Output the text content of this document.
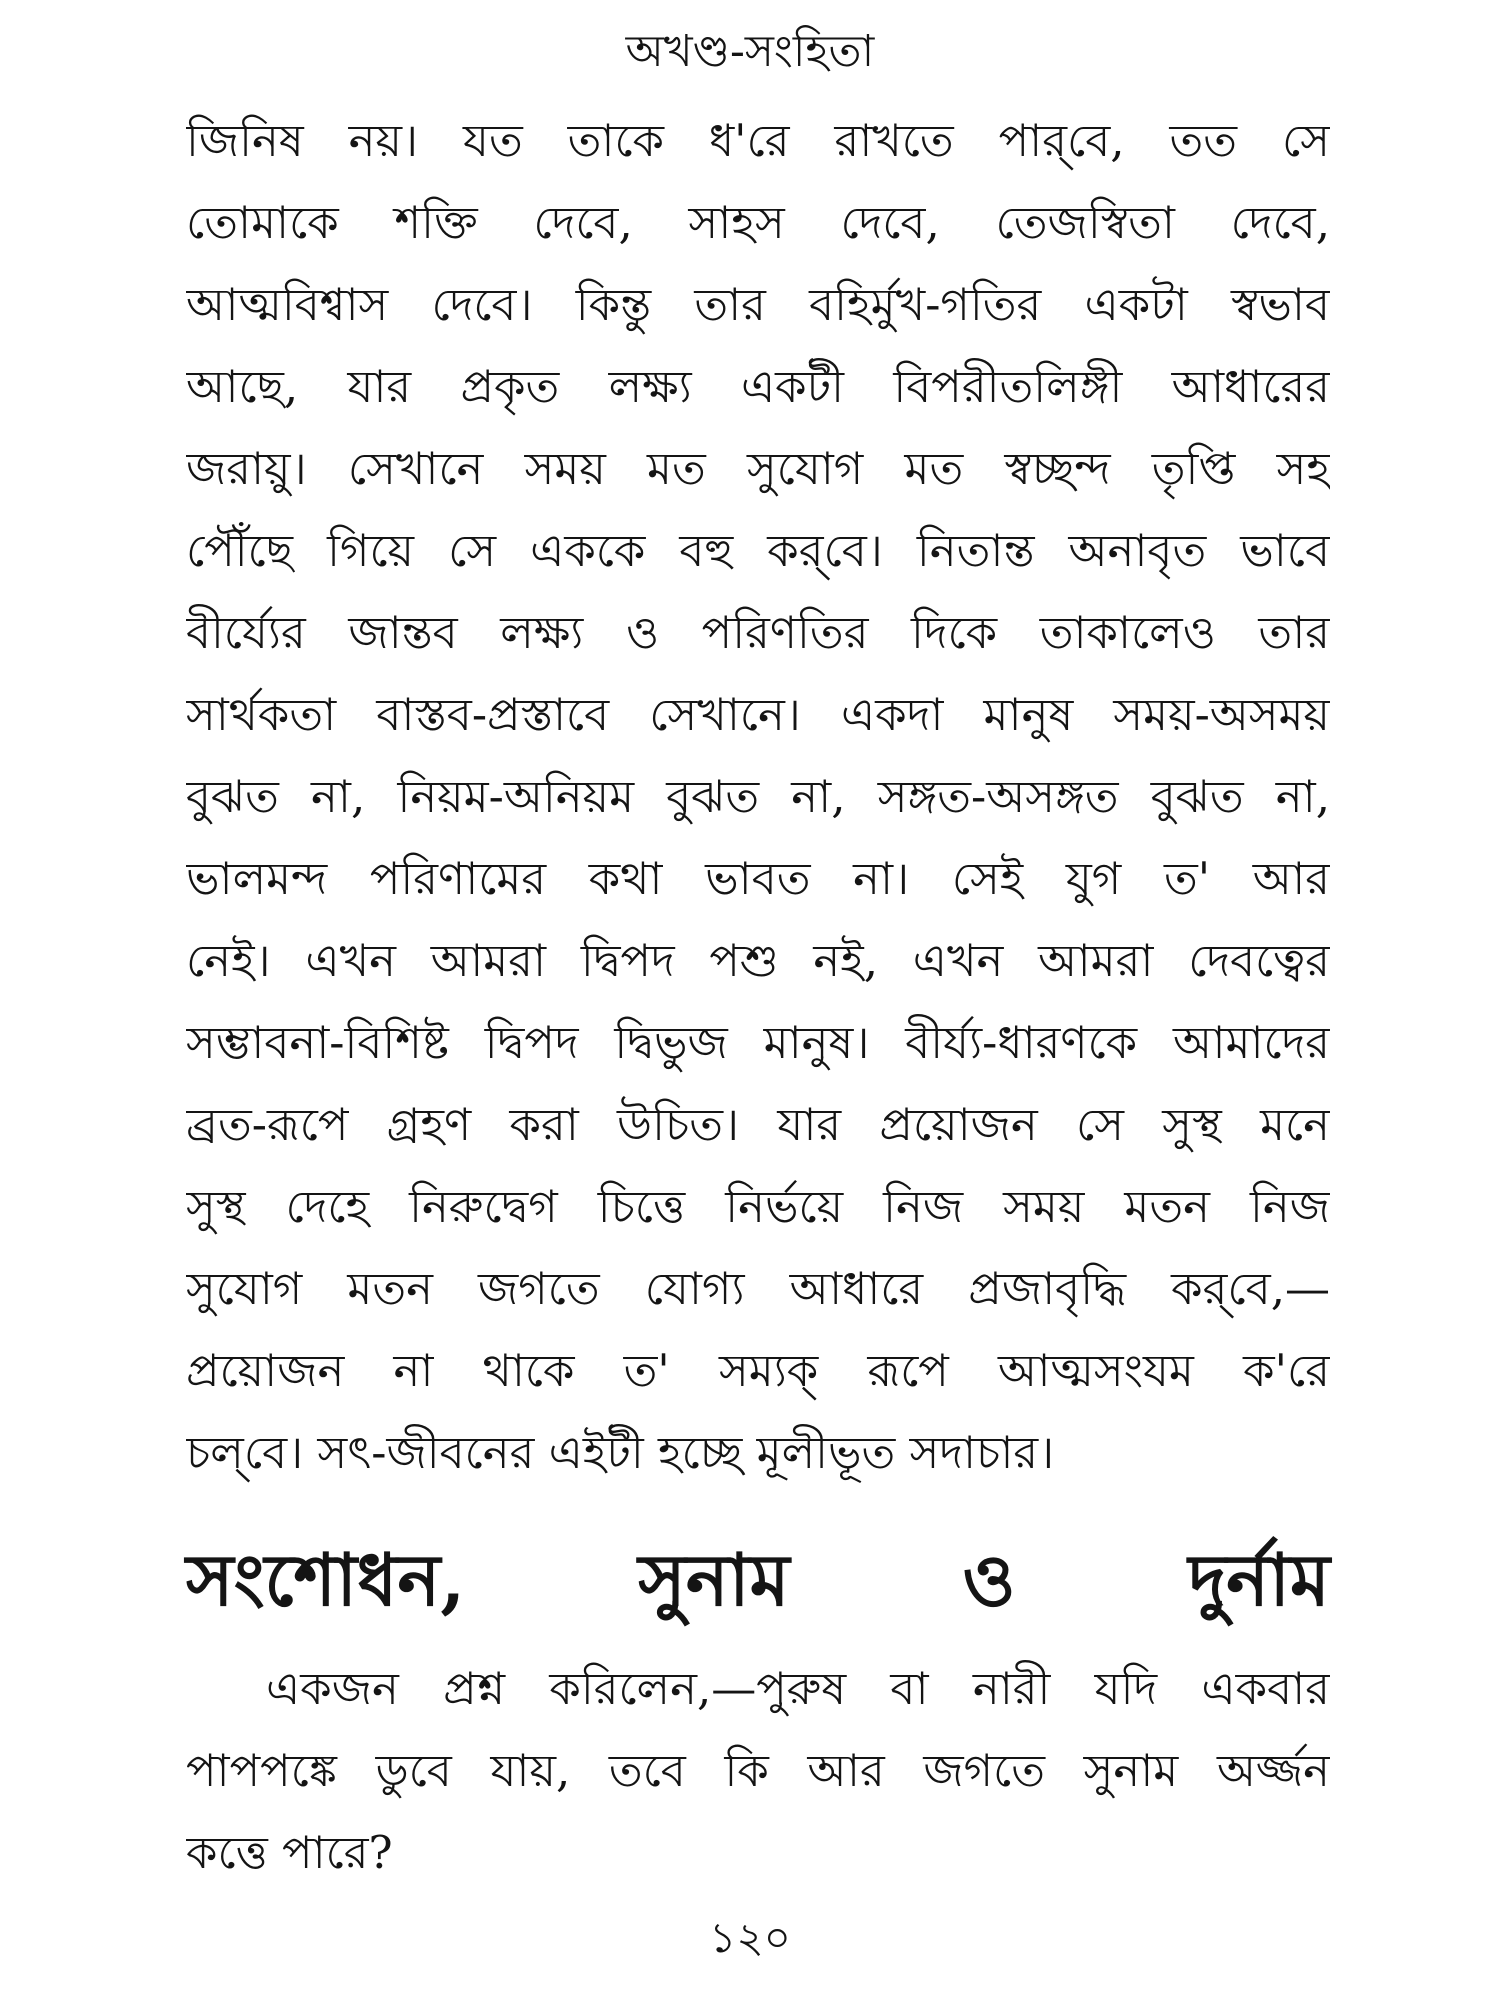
অখণ্ড-সংহিতা
জিনিষ নয়। যত তাকে ধ'রে রাখতে পার্‌বে, তত সে
তোমাকে শক্তি দেবে, সাহস দেবে, তেজস্বিতা দেবে,
আত্মবিশ্বাস দেবে। কিন্তু তার বহির্মুখ-গতির একটা স্বভাব
আছে, যার প্রকৃত লক্ষ্য একটী বিপরীতলিঙ্গী আধারের
জরায়ু। সেখানে সময় মত সুযোগ মত স্বচ্ছন্দ তৃপ্তি সহ
পৌঁছে গিয়ে সে এককে বহু কর্‌বে। নিতান্ত অনাবৃত ভাবে
বীর্য্যের জান্তব লক্ষ্য ও পরিণতির দিকে তাকালেও তার
সার্থকতা বাস্তব-প্রস্তাবে সেখানে। একদা মানুষ সময়-অসময়
বুঝত না, নিয়ম-অনিয়ম বুঝত না, সঙ্গত-অসঙ্গত বুঝত না,
ভালমন্দ পরিণামের কথা ভাবত না। সেই যুগ ত' আর
নেই। এখন আমরা দ্বিপদ পশু নই, এখন আমরা দেবত্বের
সম্ভাবনা-বিশিষ্ট দ্বিপদ দ্বিভুজ মানুষ। বীর্য্য-ধারণকে আমাদের
ব্রত-রূপে গ্রহণ করা উচিত। যার প্রয়োজন সে সুস্থ মনে
সুস্থ দেহে নিরুদ্বেগ চিত্তে নির্ভয়ে নিজ সময় মতন নিজ
সুযোগ মতন জগতে যোগ্য আধারে প্রজাবৃদ্ধি কর্‌বে,—
প্রয়োজন না থাকে ত' সম্যক্‌ রূপে আত্মসংযম ক'রে
চল্‌বে। সৎ-জীবনের এইটী হচ্ছে মূলীভূত সদাচার।
সংশোধন, সুনাম ও দুর্নাম
একজন প্রশ্ন করিলেন,—পুরুষ বা নারী যদি একবার
পাপপঙ্কে ডুবে যায়, তবে কি আর জগতে সুনাম অর্জ্জন
কত্তে পারে?
১২০
